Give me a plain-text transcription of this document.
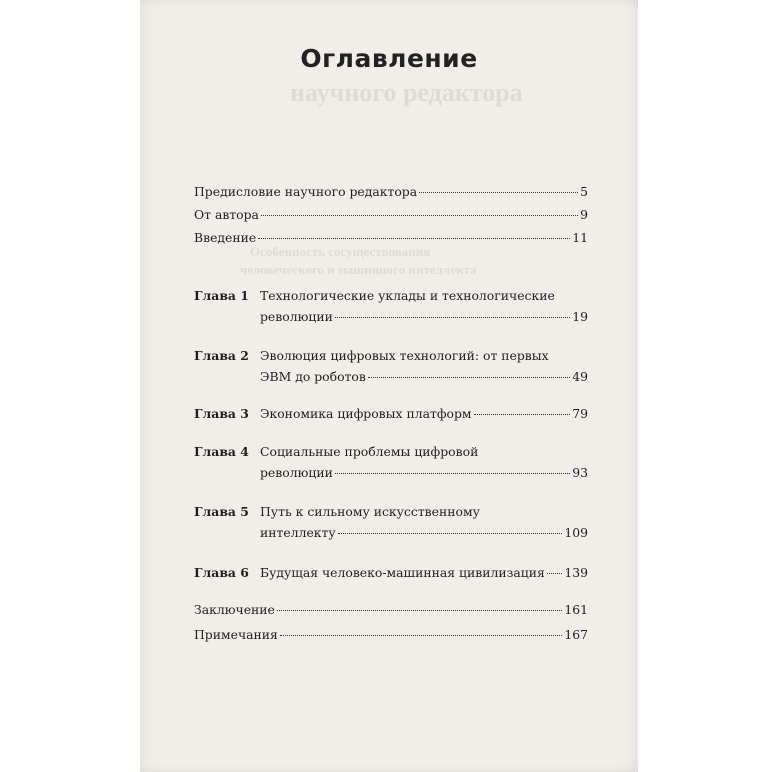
научного редактора
Особенность сосуществования
человеческого и машинного интеллекта
Оглавление
Предисловие научного редактора	5
От автора	9
Введение	11
Глава 1 Технологические уклады и технологические
революции	19
Глава 2 Эволюция цифровых технологий: от первых
ЭВМ до роботов	49
Глава 3 Экономика цифровых платформ	79
Глава 4 Социальные проблемы цифровой
революции	93
Глава 5 Путь к сильному искусственному
интеллекту	109
Глава 6 Будущая человеко-машинная цивилизация 139
Заключение	161
Примечания	167
